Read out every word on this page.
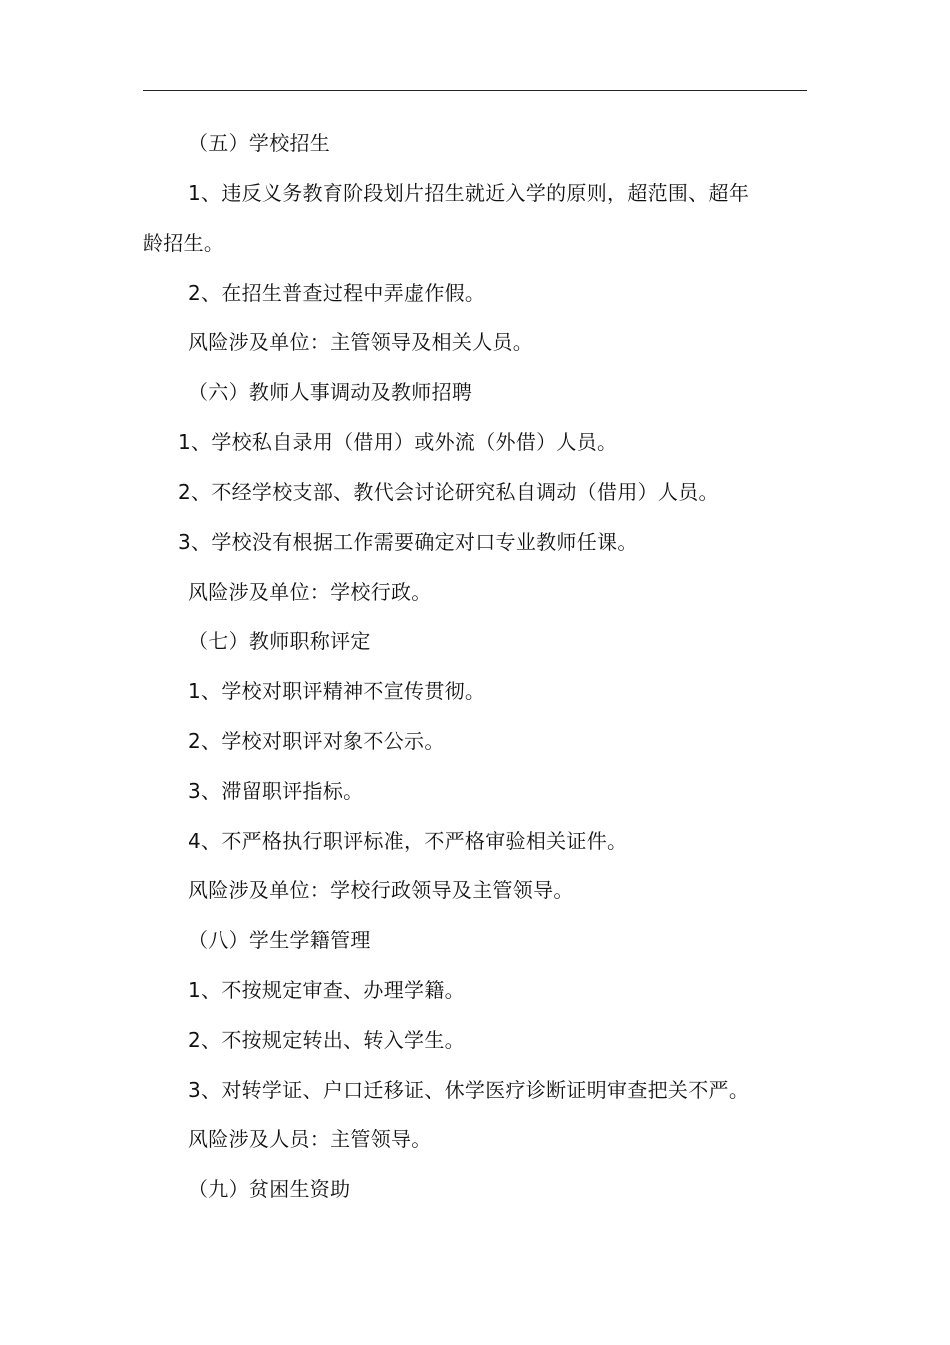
（五）学校招生
1、违反义务教育阶段划片招生就近入学的原则，超范围、超年
龄招生。
2、在招生普查过程中弄虚作假。
风险涉及单位：主管领导及相关人员。
（六）教师人事调动及教师招聘
1、学校私自录用（借用）或外流（外借）人员。
2、不经学校支部、教代会讨论研究私自调动（借用）人员。
3、学校没有根据工作需要确定对口专业教师任课。
风险涉及单位：学校行政。
（七）教师职称评定
1、学校对职评精神不宣传贯彻。
2、学校对职评对象不公示。
3、滞留职评指标。
4、不严格执行职评标准，不严格审验相关证件。
风险涉及单位：学校行政领导及主管领导。
（八）学生学籍管理
1、不按规定审查、办理学籍。
2、不按规定转出、转入学生。
3、对转学证、户口迁移证、休学医疗诊断证明审查把关不严。
风险涉及人员：主管领导。
（九）贫困生资助
